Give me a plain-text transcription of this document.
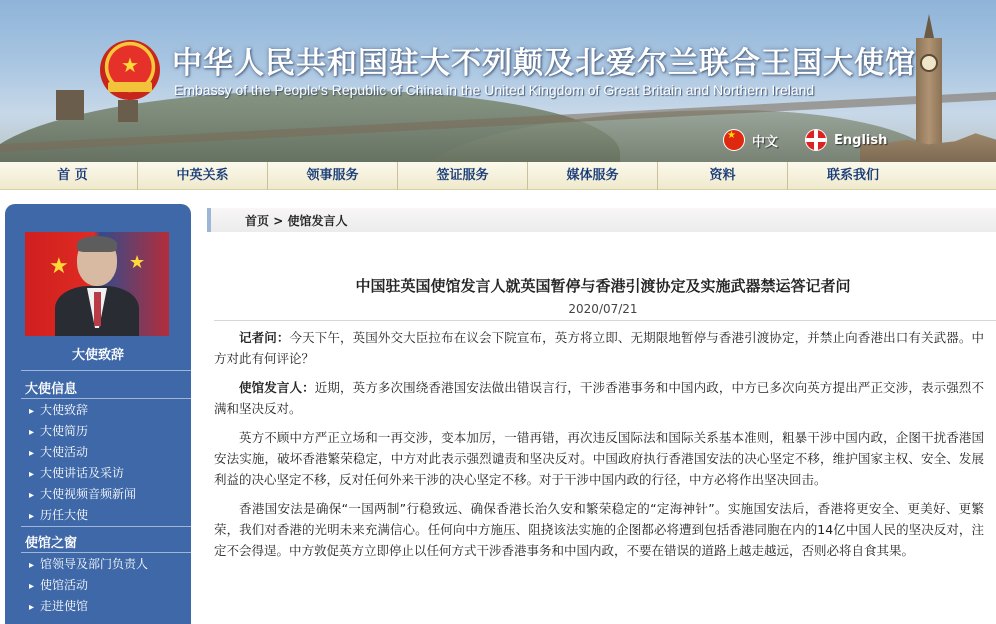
★ 中华人民共和国驻大不列颠及北爱尔兰联合王国大使馆
Embassy of the People’s Republic of China in the United Kingdom of Great Britain and Northern Ireland
★
中文	English
首 页	中英关系	领事服务	签证服务	媒体服务	资料	联系我们
★	★
大使致辞
大使信息
▸ 大使致辞
▸ 大使简历
▸ 大使活动
▸ 大使讲话及采访
▸ 大使视频音频新闻
▸ 历任大使
使馆之窗
▸ 馆领导及部门负责人
▸ 使馆活动
▸ 走进使馆
首页 > 使馆发言人
中国驻英国使馆发言人就英国暂停与香港引渡协定及实施武器禁运答记者问
2020/07/21

记者问：今天下午，英国外交大臣拉布在议会下院宣布，英方将立即、无期限地暂停与香港引渡协定，并禁止向香港出口有关武器。中方对此有何评论？

使馆发言人：近期，英方多次围绕香港国安法做出错误言行，干涉香港事务和中国内政，中方已多次向英方提出严正交涉，表示强烈不满和坚决反对。

英方不顾中方严正立场和一再交涉，变本加厉，一错再错，再次违反国际法和国际关系基本准则，粗暴干涉中国内政，企图干扰香港国安法实施，破坏香港繁荣稳定，中方对此表示强烈谴责和坚决反对。中国政府执行香港国安法的决心坚定不移，维护国家主权、安全、发展利益的决心坚定不移，反对任何外来干涉的决心坚定不移。对于干涉中国内政的行径，中方必将作出坚决回击。

香港国安法是确保“一国两制”行稳致远、确保香港长治久安和繁荣稳定的“定海神针”。实施国安法后，香港将更安全、更美好、更繁荣，我们对香港的光明未来充满信心。任何向中方施压、阻挠该法实施的企图都必将遭到包括香港同胞在内的14亿中国人民的坚决反对，注定不会得逞。中方敦促英方立即停止以任何方式干涉香港事务和中国内政，不要在错误的道路上越走越远，否则必将自食其果。
